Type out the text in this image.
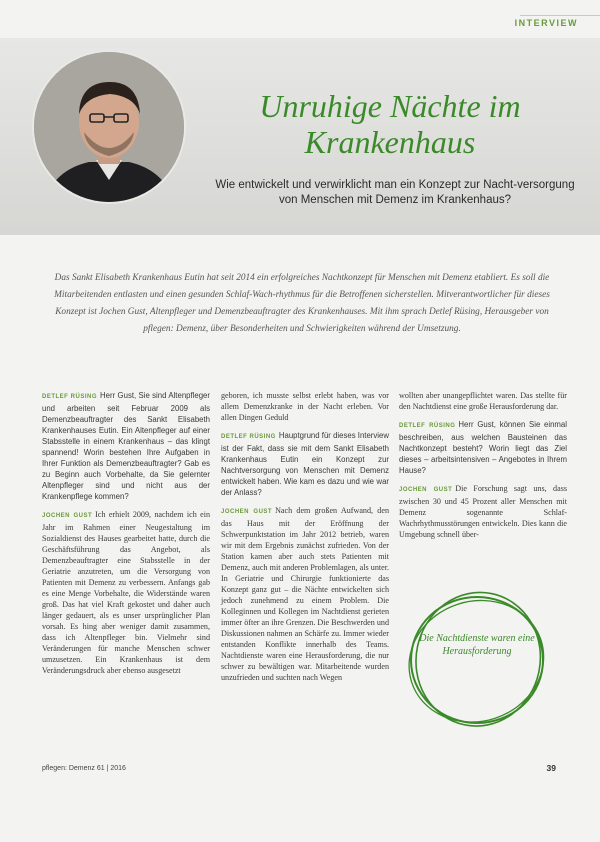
INTERVIEW
Unruhige Nächte im
Krankenhaus
Wie entwickelt und verwirklicht man ein Konzept zur Nacht-versorgung von Menschen mit Demenz im Krankenhaus?
Das Sankt Elisabeth Krankenhaus Eutin hat seit 2014 ein erfolgreiches Nachtkonzept für Menschen mit Demenz etabliert. Es soll die Mitarbeitenden entlasten und einen gesunden Schlaf-Wach-rhythmus für die Betroffenen sicherstellen. Mitverantwortlicher für dieses Konzept ist Jochen Gust, Altenpfleger und Demenzbeauftragter des Krankenhauses. Mit ihm sprach Detlef Rüsing, Herausgeber von pflegen: Demenz, über Besonderheiten und Schwierigkeiten während der Umsetzung.

DETLEF RÜSING Herr Gust, Sie sind Altenpfleger und arbeiten seit Februar 2009 als Demenzbeauftragter des Sankt Elisabeth Krankenhauses Eutin. Ein Altenpfleger auf einer Stabsstelle in einem Krankenhaus – das klingt spannend! Worin bestehen Ihre Aufgaben in Ihrer Funktion als Demenzbeauftragter? Gab es zu Beginn auch Vorbehalte, da Sie gelernter Altenpfleger sind und nicht aus der Krankenpflege kommen?

JOCHEN GUST Ich erhielt 2009, nachdem ich ein Jahr im Rahmen einer Neugestaltung im Sozialdienst des Hauses gearbeitet hatte, durch die Geschäftsführung das Angebot, als Demenzbeauftragter eine Stabsstelle in der Geriatrie anzutreten, um die Versorgung von Patienten mit Demenz zu verbessern. Anfangs gab es eine Menge Vorbehalte, die Widerstände waren groß. Das hat viel Kraft gekostet und daher auch länger gedauert, als es unser ursprünglicher Plan vorsah. Es hing aber weniger damit zusammen, dass ich Altenpfleger bin. Vielmehr sind Veränderungen für manche Menschen schwer umzusetzen. Ein Krankenhaus ist dem Veränderungsdruck aber ebenso ausgesetzt

geboren, ich musste selbst erlebt haben, was vor allem Demenzkranke in der Nacht erleben. Vor allen Dingen Geduld

DETLEF RÜSING Hauptgrund für dieses Interview ist der Fakt, dass sie mit dem Sankt Elisabeth Krankenhaus Eutin ein Konzept zur Nachtversorgung von Menschen mit Demenz entwickelt haben. Wie kam es dazu und wie war der Anlass?

JOCHEN GUST Nach dem großen Aufwand, den das Haus mit der Eröffnung der Schwerpunktstation im Jahr 2012 betrieb, waren wir mit dem Ergebnis zunächst zufrieden. Von der Station kamen aber auch stets Patienten mit Demenz, auch mit anderen Problemlagen, als unter. In Geriatrie und Chirurgie funktionierte das Konzept ganz gut – die Nächte entwickelten sich jedoch zunehmend zu einem Problem. Die Kolleginnen und Kollegen im Nachtdienst gerieten immer öfter an ihre Grenzen. Die Beschwerden und Diskussionen nahmen an Schärfe zu. Immer wieder entstanden Konflikte innerhalb des Teams. Nachtdienste waren eine Herausforderung, die nur schwer zu bewältigen war. Mitarbeitende wurden unzufrieden und suchten nach Wegen

wollten aber unangepflichtet waren. Das stellte für den Nachtdienst eine große Herausforderung dar.

DETLEF RÜSING Herr Gust, können Sie einmal beschreiben, aus welchen Bausteinen das Nachtkonzept besteht? Worin liegt das Ziel dieses – arbeitsintensiven – Angebotes in Ihrem Hause?

JOCHEN GUST Die Forschung sagt uns, dass zwischen 30 und 45 Prozent aller Menschen mit Demenz sogenannte Schlaf-Wachrhythmusstörungen entwickeln. Dies kann die Umgebung schnell über-

Die Nachtdienste waren eine Herausforderung
pflegen: Demenz 61 | 2016	39
